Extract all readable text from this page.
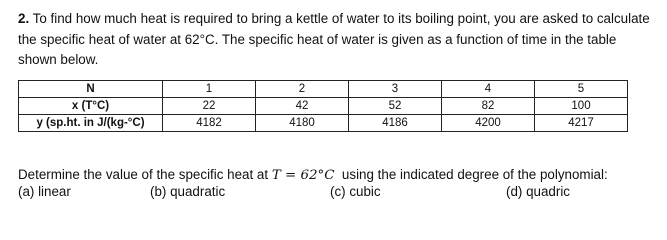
2. To find how much heat is required to bring a kettle of water to its boiling point, you are asked to calculate the specific heat of water at 62°C. The specific heat of water is given as a function of time in the table shown below.
N	1	2	3	4	5
x (T°C)	22	42	52	82	100
y (sp.ht. in J/(kg-°C)	4182	4180	4186	4200	4217
Determine the value of the specific heat at T = 62°C  using the indicated degree of the polynomial:
(a) linear	(b) quadratic	(c) cubic	(d) quadric
